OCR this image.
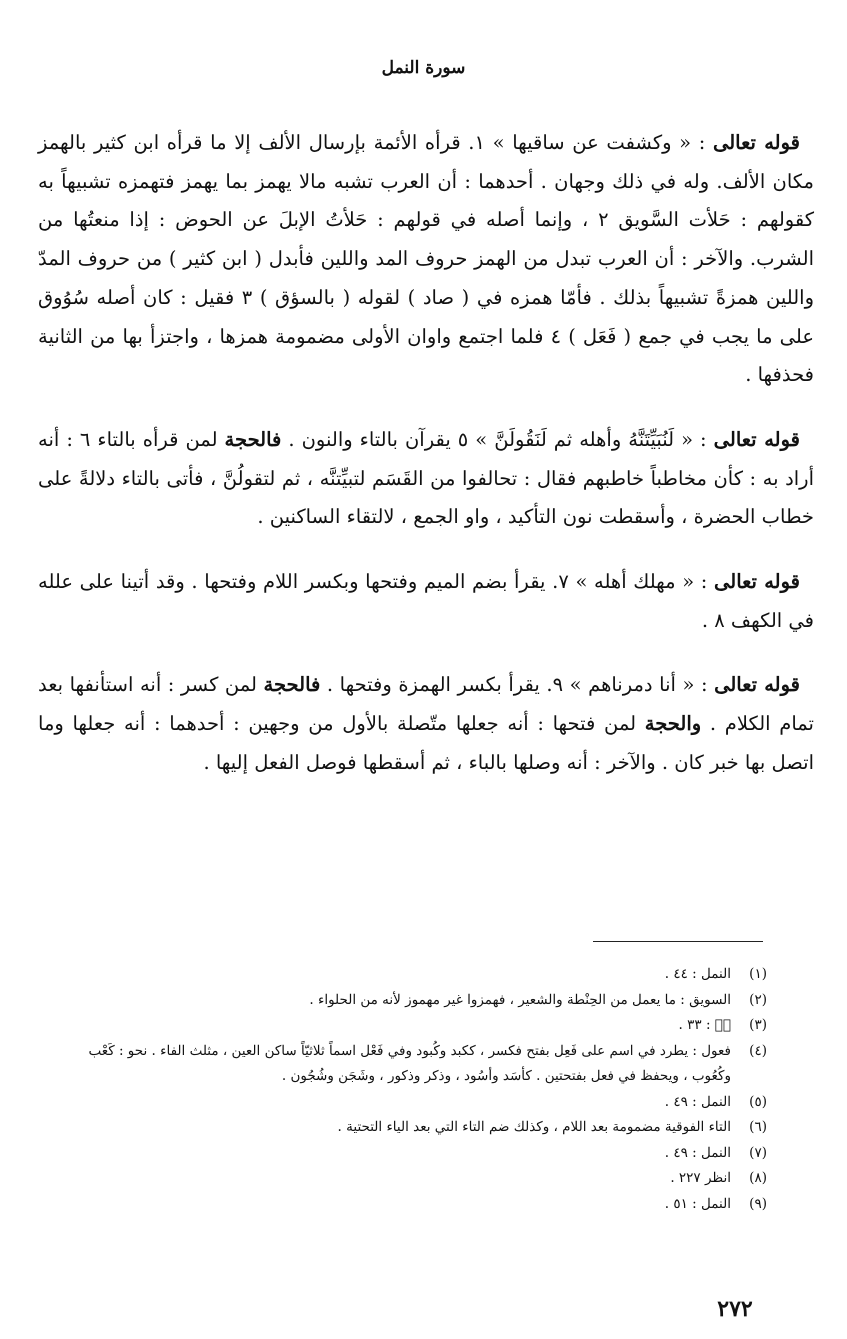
سورة النمل

قوله تعالى : « وكشفت عن ساقيها » ١. قرأه الأئمة بإرسال الألف إلا ما قرأه ابن كثير بالهمز مكان الألف. وله في ذلك وجهان . أحدهما : أن العرب تشبه مالا يهمز بما يهمز فتهمزه تشبيهاً به كقولهم : حَلأت السَّويق ٢ ، وإنما أصله في قولهم : حَلأتُ الإبلَ عن الحوض : إذا منعتُها من الشرب. والآخر : أن العرب تبدل من الهمز حروف المد واللين فأبدل ( ابن كثير ) من حروف المدّ واللين همزةً تشبيهاً بذلك . فأمّا همزه في ( صاد ) لقوله ( بالسؤق ) ٣ فقيل : كان أصله سُوُوق على ما يجب في جمع ( فَعَل ) ٤ فلما اجتمع واوان الأولى مضمومة همزها ، واجتزأ بها من الثانية فحذفها .

قوله تعالى : « لَنُبَيِّتَنَّهُ وأهله ثم لَنَقُولَنَّ » ٥ يقرآن بالتاء والنون . فالحجة لمن قرأه بالتاء ٦ : أنه أراد به : كأن مخاطباً خاطبهم فقال : تحالفوا من القَسَم لتبيِّتنَّه ، ثم لتقولُنَّ ، فأتى بالتاء دلالةً على خطاب الحضرة ، وأسقطت نون التأكيد ، واو الجمع ، لالتقاء الساكنين .

قوله تعالى : « مهلك أهله » ٧. يقرأ بضم الميم وفتحها وبكسر اللام وفتحها . وقد أتينا على علله في الكهف ٨ .

قوله تعالى : « أنا دمرناهم » ٩. يقرأ بكسر الهمزة وفتحها . فالحجة لمن كسر : أنه استأنفها بعد تمام الكلام . والحجة لمن فتحها : أنه جعلها متّصلة بالأول من وجهين : أحدهما : أنه جعلها وما اتصل بها خبر كان . والآخر : أنه وصلها بالباء ، ثم أسقطها فوصل الفعل إليها .

(١)
النمل : ٤٤ .
(٢)
السويق : ما يعمل من الحِنْطة والشعير ، فهمزوا غير مهموز لأنه من الحلواء .
(٣)
صۤ : ٣٣ .
(٤)
فعول : يطرد في اسم على فَعِل بفتح فكسر ، ككبد وكُبود وفي فَعْل اسماً ثلاثيّاً ساكن العين ، مثلث الفاء . نحو : كَعْب وكُعُوب ، ويحفظ في فعل بفتحتين . كأسَد وأسُود ، وذكر وذكور ، وشَجَن وشُجُون .
(٥)
النمل : ٤٩ .
(٦)
التاء الفوقية مضمومة بعد اللام ، وكذلك ضم التاء التي بعد الياء التحتية .
(٧)
النمل : ٤٩ .
(٨)
انظر ٢٢٧ .
(٩)
النمل : ٥١ .
٢٧٢
